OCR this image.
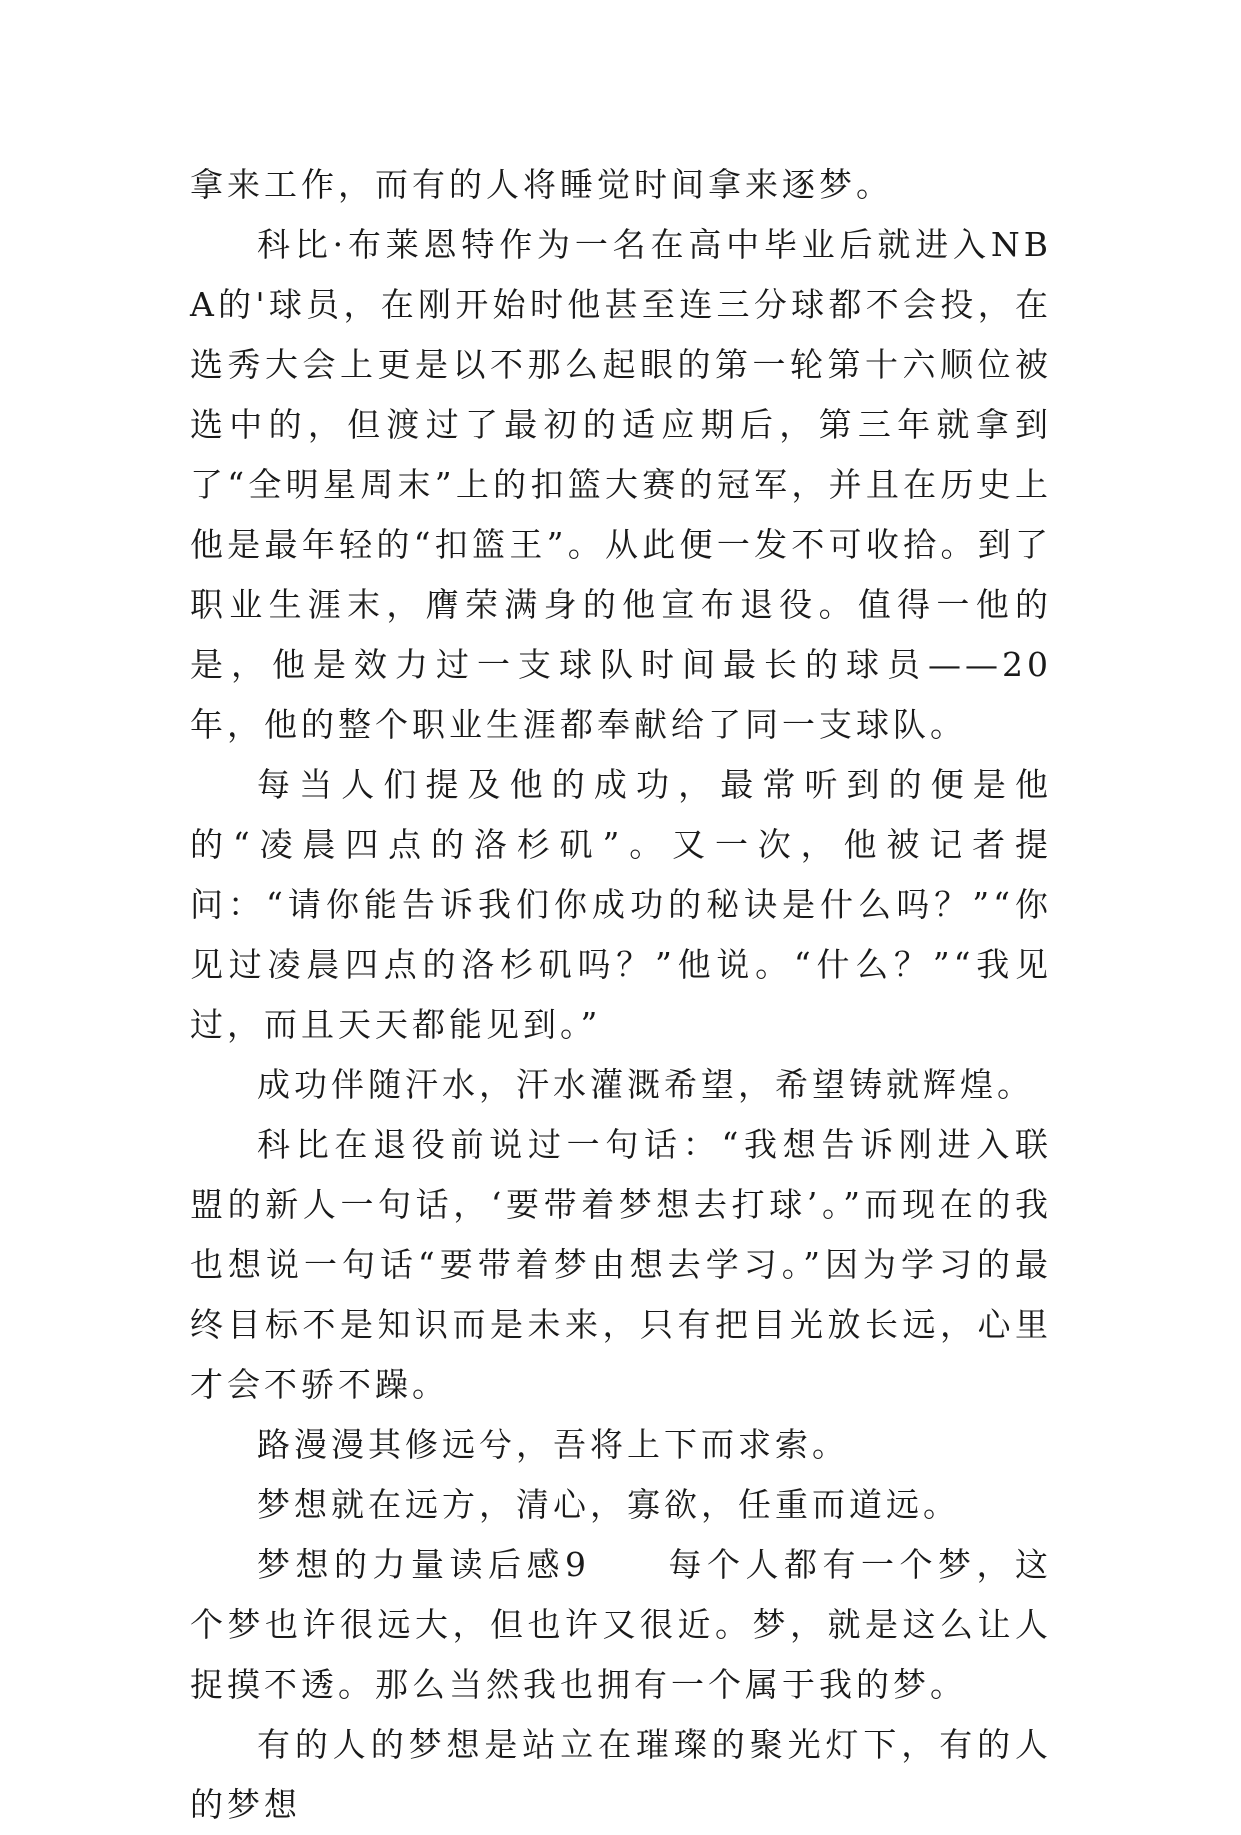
拿来工作，而有的人将睡觉时间拿来逐梦。

科比·布莱恩特作为一名在高中毕业后就进入NBA的'球员，在刚开始时他甚至连三分球都不会投，在选秀大会上更是以不那么起眼的第一轮第十六顺位被选中的，但渡过了最初的适应期后，第三年就拿到了“全明星周末”上的扣篮大赛的冠军，并且在历史上他是最年轻的“扣篮王”。从此便一发不可收拾。到了职业生涯末，膺荣满身的他宣布退役。值得一他的是，他是效力过一支球队时间最长的球员——20年，他的整个职业生涯都奉献给了同一支球队。

每当人们提及他的成功，最常听到的便是他的“凌晨四点的洛杉矶”。又一次，他被记者提问：“请你能告诉我们你成功的秘诀是什么吗？”“你见过凌晨四点的洛杉矶吗？”他说。“什么？”“我见过，而且天天都能见到。”

成功伴随汗水，汗水灌溉希望，希望铸就辉煌。

科比在退役前说过一句话：“我想告诉刚进入联盟的新人一句话，‘要带着梦想去打球’。”而现在的我也想说一句话“要带着梦由想去学习。”因为学习的最终目标不是知识而是未来，只有把目光放长远，心里才会不骄不躁。

路漫漫其修远兮，吾将上下而求索。

梦想就在远方，清心，寡欲，任重而道远。

梦想的力量读后感9　　每个人都有一个梦，这个梦也许很远大，但也许又很近。梦，就是这么让人捉摸不透。那么当然我也拥有一个属于我的梦。

有的人的梦想是站立在璀璨的聚光灯下，有的人的梦想
